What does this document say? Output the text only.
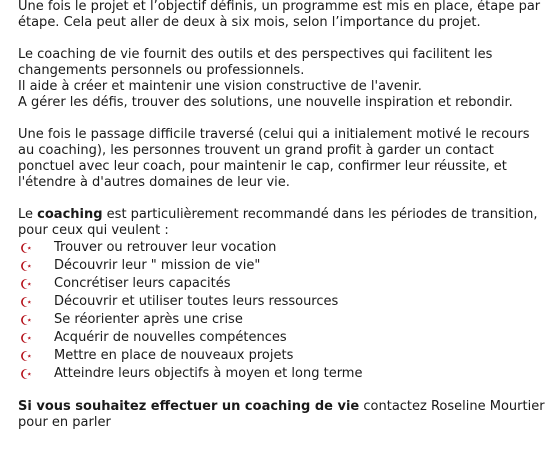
Une fois le projet et l’objectif définis, un programme est mis en place, étape par étape. Cela peut aller de deux à six mois, selon l’importance du projet.

Le coaching de vie fournit des outils et des perspectives qui facilitent les changements personnels ou professionnels.

Il aide à créer et maintenir une vision constructive de l'avenir.

A gérer les défis, trouver des solutions, une nouvelle inspiration et rebondir.

Une fois le passage difficile traversé (celui qui a initialement motivé le recours au coaching), les personnes trouvent un grand profit à garder un contact ponctuel avec leur coach, pour maintenir le cap, confirmer leur réussite, et l'étendre à d'autres domaines de leur vie.

Le coaching est particulièrement recommandé dans les périodes de transition, pour ceux qui veulent :

Trouver ou retrouver leur vocation
Découvrir leur " mission de vie"
Concrétiser leurs capacités
Découvrir et utiliser toutes leurs ressources
Se réorienter après une crise
Acquérir de nouvelles compétences
Mettre en place de nouveaux projets
Atteindre leurs objectifs à moyen et long terme

Si vous souhaitez effectuer un coaching de vie contactez Roseline Mourtier pour en parler
